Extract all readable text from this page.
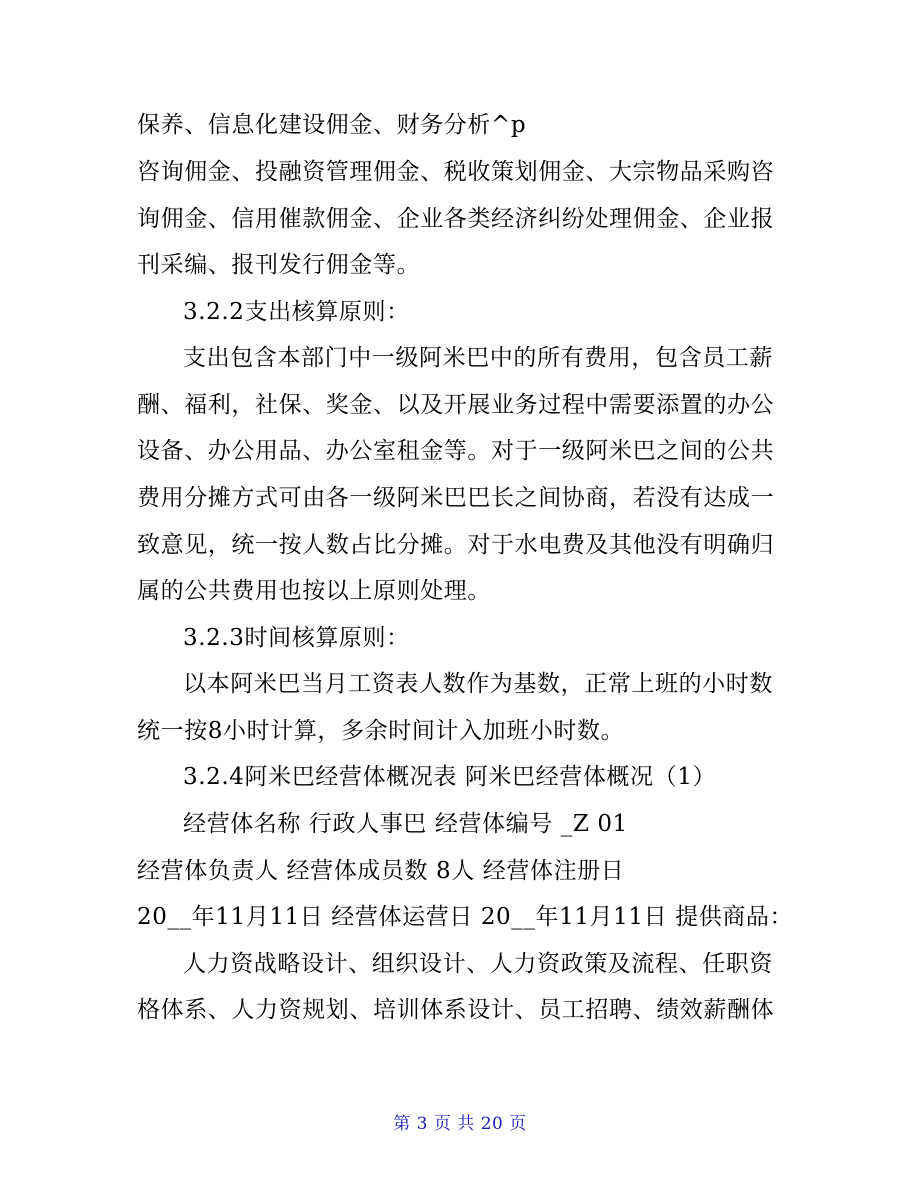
保养、信息化建设佣金、财务分析^p
咨询佣金、投融资管理佣金、税收策划佣金、大宗物品采购咨
询佣金、信用催款佣金、企业各类经济纠纷处理佣金、企业报
刊采编、报刊发行佣金等。
3.2.2支出核算原则：
支出包含本部门中一级阿米巴中的所有费用，包含员工薪
酬、福利，社保、奖金、以及开展业务过程中需要添置的办公
设备、办公用品、办公室租金等。对于一级阿米巴之间的公共
费用分摊方式可由各一级阿米巴巴长之间协商，若没有达成一
致意见，统一按人数占比分摊。对于水电费及其他没有明确归
属的公共费用也按以上原则处理。
3.2.3时间核算原则：
以本阿米巴当月工资表人数作为基数，正常上班的小时数
统一按8小时计算，多余时间计入加班小时数。
3.2.4阿米巴经营体概况表 阿米巴经营体概况（1）
经营体名称 行政人事巴 经营体编号 _Z 01
经营体负责人 经营体成员数 8人 经营体注册日
20__年11月11日 经营体运营日 20__年11月11日 提供商品：
人力资战略设计、组织设计、人力资政策及流程、任职资
格体系、人力资规划、培训体系设计、员工招聘、绩效薪酬体
第 3 页 共 20 页
